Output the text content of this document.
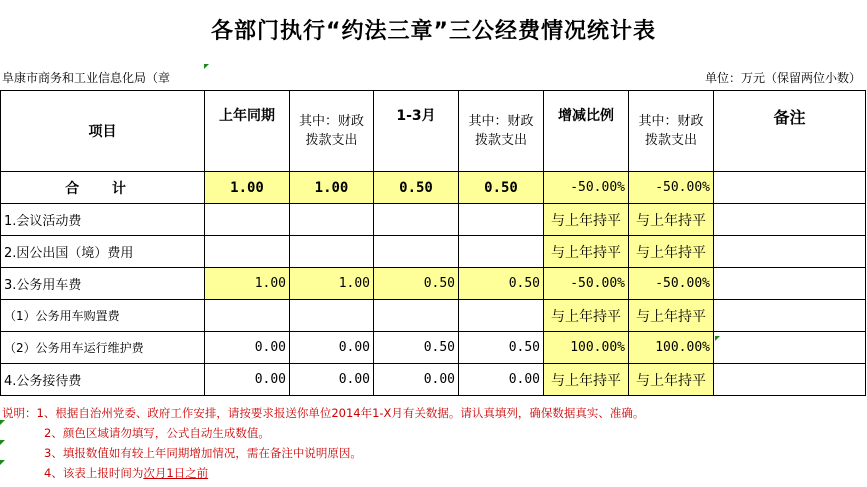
各部门执行“约法三章”三公经费情况统计表
阜康市商务和工业信息化局（章	单位：万元（保留两位小数）
项目	上年同期	其中：财政拨款支出	1-3月	其中：财政拨款支出	增减比例	其中：财政拨款支出	备注

合 计	1.00	1.00	0.50	0.50	-50.00%	-50.00%	
1.会议活动费					与上年持平	与上年持平	
2.因公出国（境）费用					与上年持平	与上年持平	
3.公务用车费	1.00	1.00	0.50	0.50	-50.00%	-50.00%	
（1）公务用车购置费					与上年持平	与上年持平	
（2）公务用车运行维护费	0.00	0.00	0.50	0.50	100.00%	100.00%	
4.公务接待费	0.00	0.00	0.00	0.00	与上年持平	与上年持平	
说明：1、根据自治州党委、政府工作安排，请按要求报送你单位2014年1-X月有关数据。请认真填列，确保数据真实、准确。
2、颜色区域请勿填写，公式自动生成数值。
3、填报数值如有较上年同期增加情况，需在备注中说明原因。
4、该表上报时间为次月1日之前
